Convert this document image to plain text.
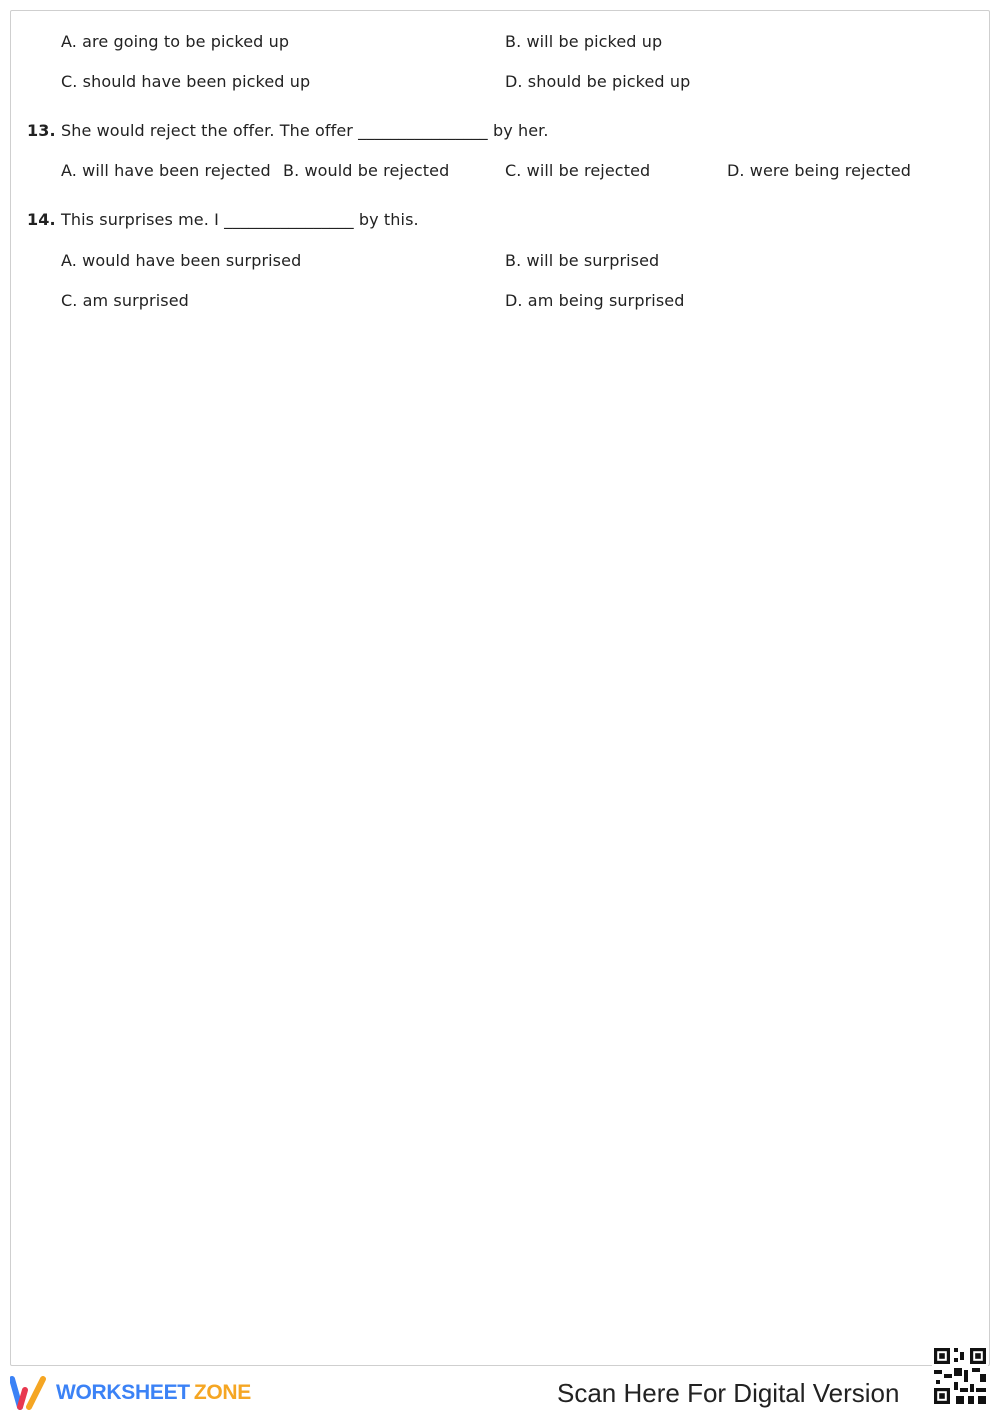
A. are going to be picked up	B. will be picked up
C. should have been picked up	D. should be picked up
13. She would reject the offer. The offer ________________ by her.
A. will have been rejected B. would be rejected	C. will be rejected	D. were being rejected
14. This surprises me. I ________________ by this.
A. would have been surprised	B. will be surprised
C. am surprised	D. am being surprised
WORKSHEET ZONE	Scan Here For Digital Version
